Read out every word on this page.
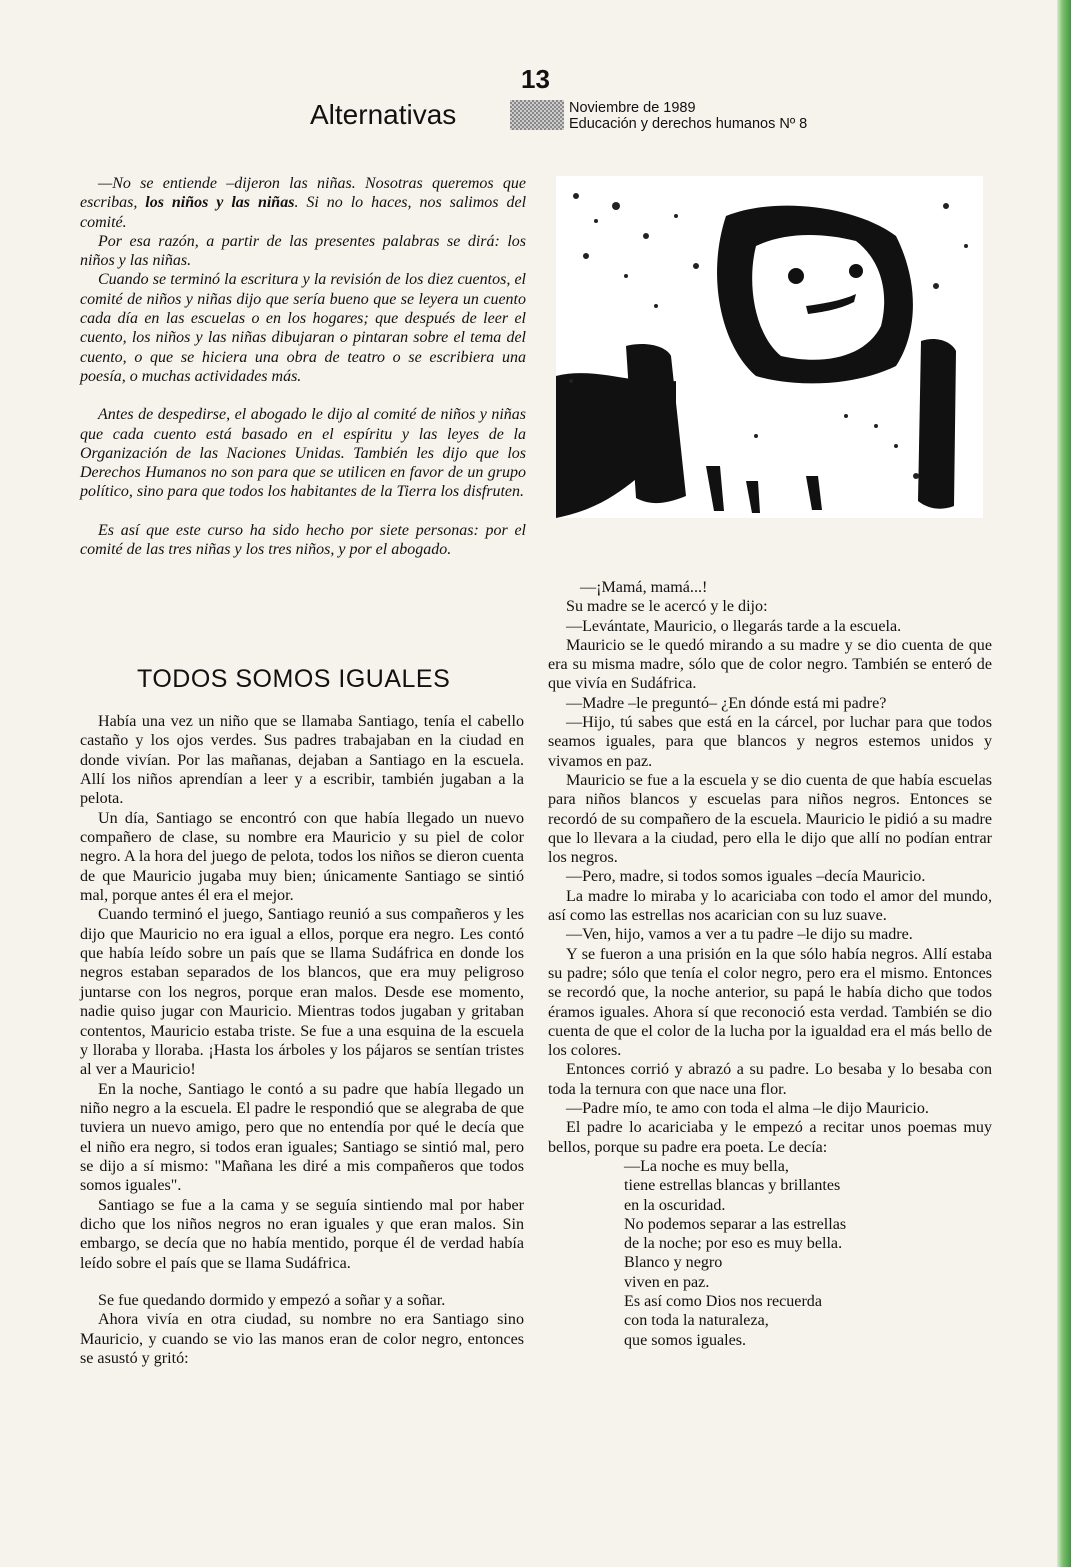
13
Alternativas	Noviembre de 1989
Educación y derechos humanos Nº 8

—No se entiende –dijeron las niñas. Nosotras queremos que escribas, los niños y las niñas. Si no lo haces, nos salimos del comité.

Por esa razón, a partir de las presentes palabras se dirá: los niños y las niñas.

Cuando se terminó la escritura y la revisión de los diez cuentos, el comité de niños y niñas dijo que sería bueno que se leyera un cuento cada día en las escuelas o en los hogares; que después de leer el cuento, los niños y las niñas dibujaran o pintaran sobre el tema del cuento, o que se hiciera una obra de teatro o se escribiera una poesía, o muchas actividades más.

Antes de despedirse, el abogado le dijo al comité de niños y niñas que cada cuento está basado en el espíritu y las leyes de la Organización de las Naciones Unidas. También les dijo que los Derechos Humanos no son para que se utilicen en favor de un grupo político, sino para que todos los habitantes de la Tierra los disfruten.

Es así que este curso ha sido hecho por siete personas: por el comité de las tres niñas y los tres niños, y por el abogado.

TODOS SOMOS IGUALES

Había una vez un niño que se llamaba Santiago, tenía el cabello castaño y los ojos verdes. Sus padres trabajaban en la ciudad en donde vivían. Por las mañanas, dejaban a Santiago en la escuela. Allí los niños aprendían a leer y a escribir, también jugaban a la pelota.

Un día, Santiago se encontró con que había llegado un nuevo compañero de clase, su nombre era Mauricio y su piel de color negro. A la hora del juego de pelota, todos los niños se dieron cuenta de que Mauricio jugaba muy bien; únicamente Santiago se sintió mal, porque antes él era el mejor.

Cuando terminó el juego, Santiago reunió a sus compañeros y les dijo que Mauricio no era igual a ellos, porque era negro. Les contó que había leído sobre un país que se llama Sudáfrica en donde los negros estaban separados de los blancos, que era muy peligroso juntarse con los negros, porque eran malos. Desde ese momento, nadie quiso jugar con Mauricio. Mientras todos jugaban y gritaban contentos, Mauricio estaba triste. Se fue a una esquina de la escuela y lloraba y lloraba. ¡Hasta los árboles y los pájaros se sentían tristes al ver a Mauricio!

En la noche, Santiago le contó a su padre que había llegado un niño negro a la escuela. El padre le respondió que se alegraba de que tuviera un nuevo amigo, pero que no entendía por qué le decía que el niño era negro, si todos eran iguales; Santiago se sintió mal, pero se dijo a sí mismo: "Mañana les diré a mis compañeros que todos somos iguales".

Santiago se fue a la cama y se seguía sintiendo mal por haber dicho que los niños negros no eran iguales y que eran malos. Sin embargo, se decía que no había mentido, porque él de verdad había leído sobre el país que se llama Sudáfrica.

Se fue quedando dormido y empezó a soñar y a soñar.

Ahora vivía en otra ciudad, su nombre no era Santiago sino Mauricio, y cuando se vio las manos eran de color negro, entonces se asustó y gritó:

—¡Mamá, mamá...!

Su madre se le acercó y le dijo:

—Levántate, Mauricio, o llegarás tarde a la escuela.

Mauricio se le quedó mirando a su madre y se dio cuenta de que era su misma madre, sólo que de color negro. También se enteró de que vivía en Sudáfrica.

—Madre –le preguntó– ¿En dónde está mi padre?

—Hijo, tú sabes que está en la cárcel, por luchar para que todos seamos iguales, para que blancos y negros estemos unidos y vivamos en paz.

Mauricio se fue a la escuela y se dio cuenta de que había escuelas para niños blancos y escuelas para niños negros. Entonces se recordó de su compañero de la escuela. Mauricio le pidió a su madre que lo llevara a la ciudad, pero ella le dijo que allí no podían entrar los negros.

—Pero, madre, si todos somos iguales –decía Mauricio.

La madre lo miraba y lo acariciaba con todo el amor del mundo, así como las estrellas nos acarician con su luz suave.

—Ven, hijo, vamos a ver a tu padre –le dijo su madre.

Y se fueron a una prisión en la que sólo había negros. Allí estaba su padre; sólo que tenía el color negro, pero era el mismo. Entonces se recordó que, la noche anterior, su papá le había dicho que todos éramos iguales. Ahora sí que reconoció esta verdad. También se dio cuenta de que el color de la lucha por la igualdad era el más bello de los colores.

Entonces corrió y abrazó a su padre. Lo besaba y lo besaba con toda la ternura con que nace una flor.

—Padre mío, te amo con toda el alma –le dijo Mauricio.

El padre lo acariciaba y le empezó a recitar unos poemas muy bellos, porque su padre era poeta. Le decía:

—La noche es muy bella,
tiene estrellas blancas y brillantes
en la oscuridad.
No podemos separar a las estrellas
de la noche; por eso es muy bella.
Blanco y negro
viven en paz.
Es así como Dios nos recuerda
con toda la naturaleza,
que somos iguales.
